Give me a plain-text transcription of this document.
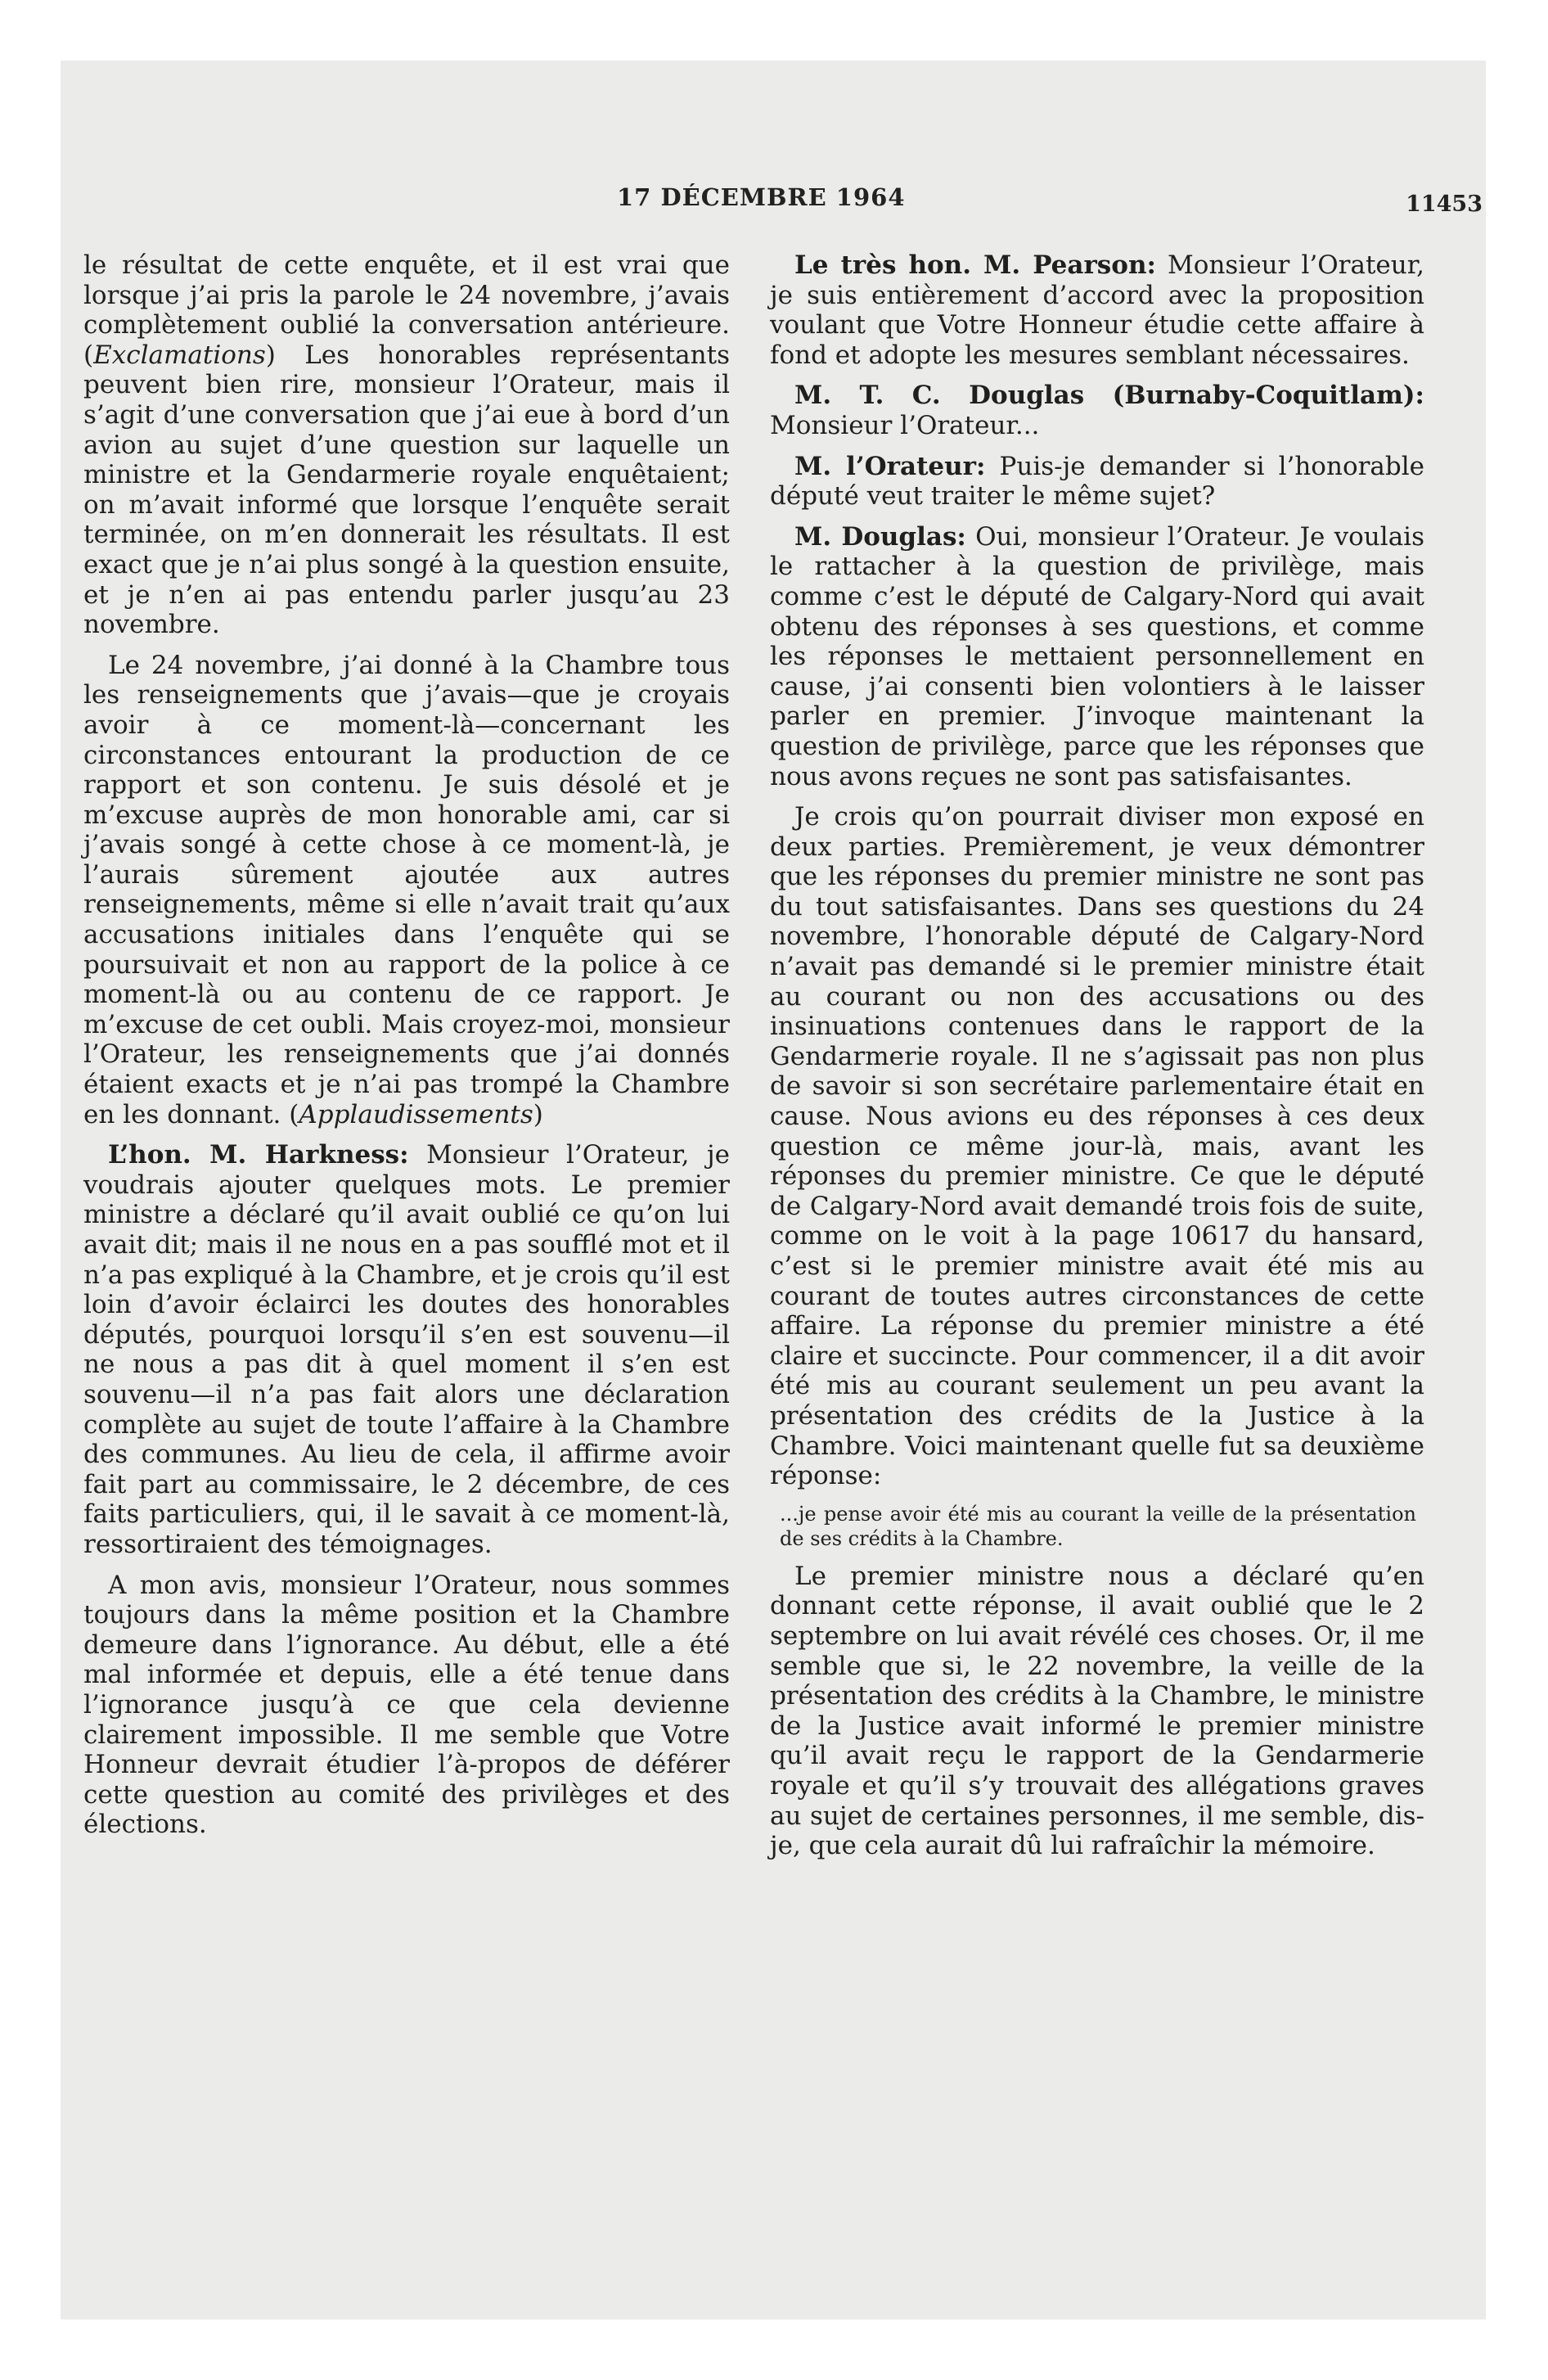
17 DÉCEMBRE 1964	11453

le résultat de cette enquête, et il est vrai que lorsque j’ai pris la parole le 24 novembre, j’avais complètement oublié la conversation antérieure. (Exclamations) Les honorables représentants peuvent bien rire, monsieur l’Orateur, mais il s’agit d’une conversation que j’ai eue à bord d’un avion au sujet d’une question sur laquelle un ministre et la Gendarmerie royale enquêtaient; on m’avait informé que lorsque l’enquête serait terminée, on m’en donnerait les résultats. Il est exact que je n’ai plus songé à la question ensuite, et je n’en ai pas entendu parler jusqu’au 23 novembre.

Le 24 novembre, j’ai donné à la Chambre tous les renseignements que j’avais—que je croyais avoir à ce moment-là—concernant les circonstances entourant la production de ce rapport et son contenu. Je suis désolé et je m’excuse auprès de mon honorable ami, car si j’avais songé à cette chose à ce moment-là, je l’aurais sûrement ajoutée aux autres renseignements, même si elle n’avait trait qu’aux accusations initiales dans l’enquête qui se poursuivait et non au rapport de la police à ce moment-là ou au contenu de ce rapport. Je m’excuse de cet oubli. Mais croyez-moi, monsieur l’Orateur, les renseignements que j’ai donnés étaient exacts et je n’ai pas trompé la Chambre en les donnant. (Applaudissements)

L’hon. M. Harkness: Monsieur l’Orateur, je voudrais ajouter quelques mots. Le premier ministre a déclaré qu’il avait oublié ce qu’on lui avait dit; mais il ne nous en a pas soufflé mot et il n’a pas expliqué à la Chambre, et je crois qu’il est loin d’avoir éclairci les doutes des honorables députés, pourquoi lorsqu’il s’en est souvenu—il ne nous a pas dit à quel moment il s’en est souvenu—il n’a pas fait alors une déclaration complète au sujet de toute l’affaire à la Chambre des communes. Au lieu de cela, il affirme avoir fait part au commissaire, le 2 décembre, de ces faits particuliers, qui, il le savait à ce moment-là, ressortiraient des témoignages.

A mon avis, monsieur l’Orateur, nous sommes toujours dans la même position et la Chambre demeure dans l’ignorance. Au début, elle a été mal informée et depuis, elle a été tenue dans l’ignorance jusqu’à ce que cela devienne clairement impossible. Il me semble que Votre Honneur devrait étudier l’à-propos de déférer cette question au comité des privilèges et des élections.

Le très hon. M. Pearson: Monsieur l’Orateur, je suis entièrement d’accord avec la proposition voulant que Votre Honneur étudie cette affaire à fond et adopte les mesures semblant nécessaires.

M. T. C. Douglas (Burnaby-Coquitlam): Monsieur l’Orateur...

M. l’Orateur: Puis-je demander si l’honorable député veut traiter le même sujet?

M. Douglas: Oui, monsieur l’Orateur. Je voulais le rattacher à la question de privilège, mais comme c’est le député de Calgary-Nord qui avait obtenu des réponses à ses questions, et comme les réponses le mettaient personnellement en cause, j’ai consenti bien volontiers à le laisser parler en premier. J’invoque maintenant la question de privilège, parce que les réponses que nous avons reçues ne sont pas satisfaisantes.

Je crois qu’on pourrait diviser mon exposé en deux parties. Premièrement, je veux démontrer que les réponses du premier ministre ne sont pas du tout satisfaisantes. Dans ses questions du 24 novembre, l’honorable député de Calgary-Nord n’avait pas demandé si le premier ministre était au courant ou non des accusations ou des insinuations contenues dans le rapport de la Gendarmerie royale. Il ne s’agissait pas non plus de savoir si son secrétaire parlementaire était en cause. Nous avions eu des réponses à ces deux question ce même jour-là, mais, avant les réponses du premier ministre. Ce que le député de Calgary-Nord avait demandé trois fois de suite, comme on le voit à la page 10617 du hansard, c’est si le premier ministre avait été mis au courant de toutes autres circonstances de cette affaire. La réponse du premier ministre a été claire et succincte. Pour commencer, il a dit avoir été mis au courant seulement un peu avant la présentation des crédits de la Justice à la Chambre. Voici maintenant quelle fut sa deuxième réponse:

...je pense avoir été mis au courant la veille de la présentation de ses crédits à la Chambre.

Le premier ministre nous a déclaré qu’en donnant cette réponse, il avait oublié que le 2 septembre on lui avait révélé ces choses. Or, il me semble que si, le 22 novembre, la veille de la présentation des crédits à la Chambre, le ministre de la Justice avait informé le premier ministre qu’il avait reçu le rapport de la Gendarmerie royale et qu’il s’y trouvait des allégations graves au sujet de certaines personnes, il me semble, dis-je, que cela aurait dû lui rafraîchir la mémoire.
